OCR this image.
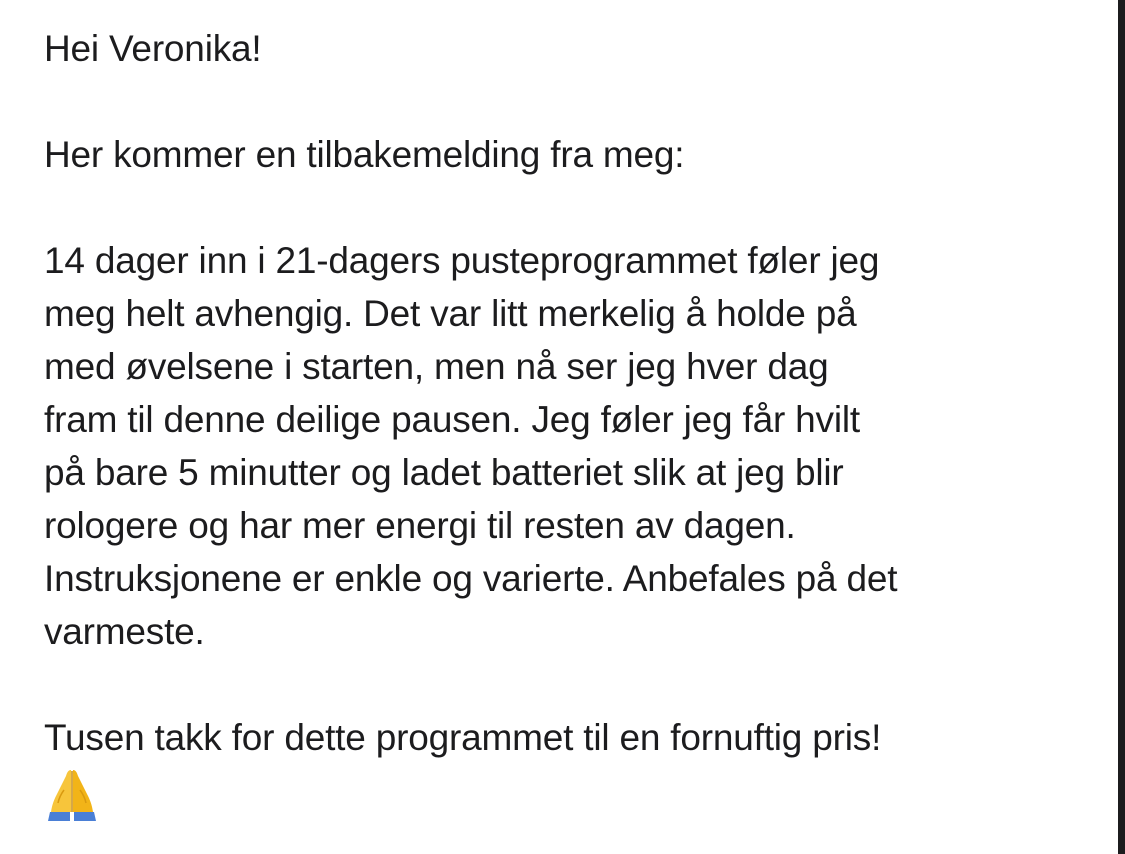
Hei Veronika!

Her kommer en tilbakemelding fra meg:

14 dager inn i 21-dagers pusteprogrammet føler jeg

meg helt avhengig. Det var litt merkelig å holde på

med øvelsene i starten, men nå ser jeg hver dag

fram til denne deilige pausen. Jeg føler jeg får hvilt

på bare 5 minutter og ladet batteriet slik at jeg blir

rologere og har mer energi til resten av dagen.

Instruksjonene er enkle og varierte. Anbefales på det

varmeste.

Tusen takk for dette programmet til en fornuftig pris!
